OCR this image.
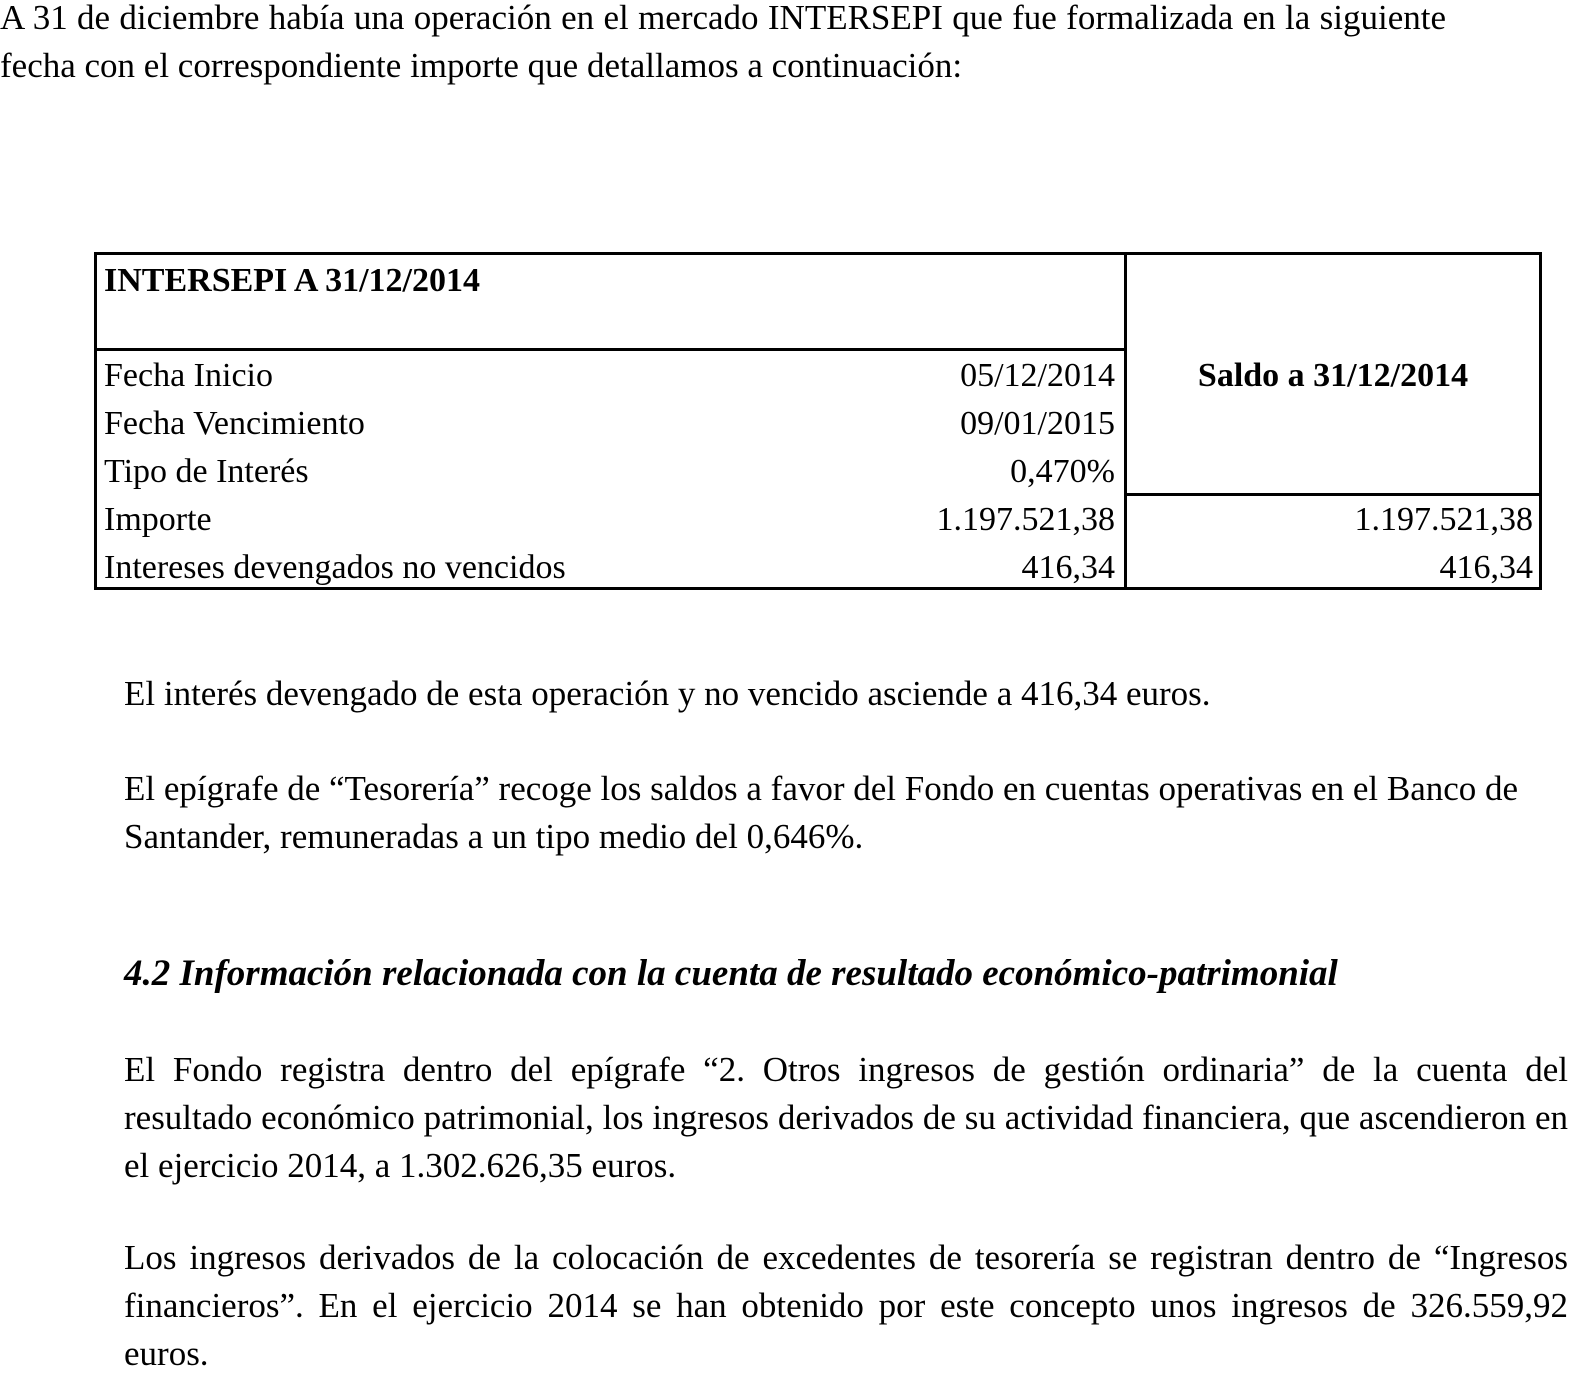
A 31 de diciembre había una operación en el mercado INTERSEPI que fue formalizada en la siguiente fecha con el correspondiente importe que detallamos a continuación:

INTERSEPI A 31/12/2014
Saldo a 31/12/2014
Fecha Inicio	05/12/2014
Fecha Vencimiento	09/01/2015
Tipo de Interés	0,470%
Importe	1.197.521,38	1.197.521,38
Intereses devengados no vencidos	416,34	416,34

El interés devengado de esta operación y no vencido asciende a 416,34 euros.

El epígrafe de “Tesorería” recoge los saldos a favor del Fondo en cuentas operativas en el Banco de Santander, remuneradas a un tipo medio del 0,646%.

4.2 Información relacionada con la cuenta de resultado económico-patrimonial

El Fondo registra dentro del epígrafe “2. Otros ingresos de gestión ordinaria” de la cuenta del resultado económico patrimonial, los ingresos derivados de su actividad financiera, que ascendieron en el ejercicio 2014, a 1.302.626,35 euros.

Los ingresos derivados de la colocación de excedentes de tesorería se registran dentro de “Ingresos financieros”. En el ejercicio 2014 se han obtenido por este concepto unos ingresos de 326.559,92 euros.
